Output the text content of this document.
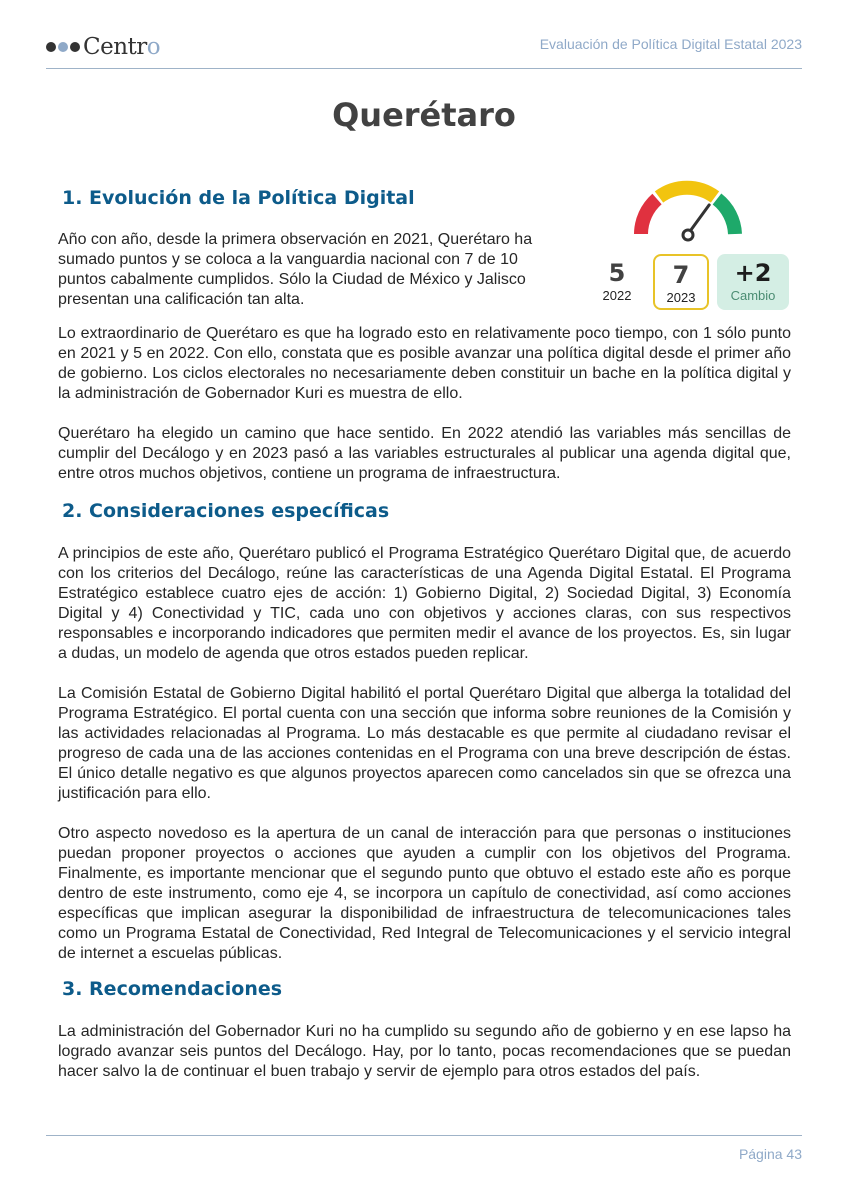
Centro	Evaluación de Política Digital Estatal 2023
Querétaro
1. Evolución de la Política Digital
Año con año, desde la primera observación en 2021, Querétaro ha sumado puntos y se coloca a la vanguardia nacional con 7 de 10 puntos cabalmente cumplidos. Sólo la Ciudad de México y Jalisco presentan una calificación tan alta.
5
2022
7
2023
+2
Cambio
Lo extraordinario de Querétaro es que ha logrado esto en relativamente poco tiempo, con 1 sólo punto en 2021 y 5 en 2022. Con ello, constata que es posible avanzar una política digital desde el primer año de gobierno. Los ciclos electorales no necesariamente deben constituir un bache en la política digital y la administración de Gobernador Kuri es muestra de ello.
Querétaro ha elegido un camino que hace sentido. En 2022 atendió las variables más sencillas de cumplir del Decálogo y en 2023 pasó a las variables estructurales al publicar una agenda digital que, entre otros muchos objetivos, contiene un programa de infraestructura.
2. Consideraciones específicas
A principios de este año, Querétaro publicó el Programa Estratégico Querétaro Digital que, de acuerdo con los criterios del Decálogo, reúne las características de una Agenda Digital Estatal. El Programa Estratégico establece cuatro ejes de acción: 1) Gobierno Digital, 2) Sociedad Digital, 3) Economía Digital y 4) Conectividad y TIC, cada uno con objetivos y acciones claras, con sus respectivos responsables e incorporando indicadores que permiten medir el avance de los proyectos. Es, sin lugar a dudas, un modelo de agenda que otros estados pueden replicar.
La Comisión Estatal de Gobierno Digital habilitó el portal Querétaro Digital que alberga la totalidad del Programa Estratégico. El portal cuenta con una sección que informa sobre reuniones de la Comisión y las actividades relacionadas al Programa. Lo más destacable es que permite al ciudadano revisar el progreso de cada una de las acciones contenidas en el Programa con una breve descripción de éstas. El único detalle negativo es que algunos proyectos aparecen como cancelados sin que se ofrezca una justificación para ello.
Otro aspecto novedoso es la apertura de un canal de interacción para que personas o instituciones puedan proponer proyectos o acciones que ayuden a cumplir con los objetivos del Programa. Finalmente, es importante mencionar que el segundo punto que obtuvo el estado este año es porque dentro de este instrumento, como eje 4, se incorpora un capítulo de conectividad, así como acciones específicas que implican asegurar la disponibilidad de infraestructura de telecomunicaciones tales como un Programa Estatal de Conectividad, Red Integral de Telecomunicaciones y el servicio integral de internet a escuelas públicas.
3. Recomendaciones
La administración del Gobernador Kuri no ha cumplido su segundo año de gobierno y en ese lapso ha logrado avanzar seis puntos del Decálogo. Hay, por lo tanto, pocas recomendaciones que se puedan hacer salvo la de continuar el buen trabajo y servir de ejemplo para otros estados del país.
Página 43
